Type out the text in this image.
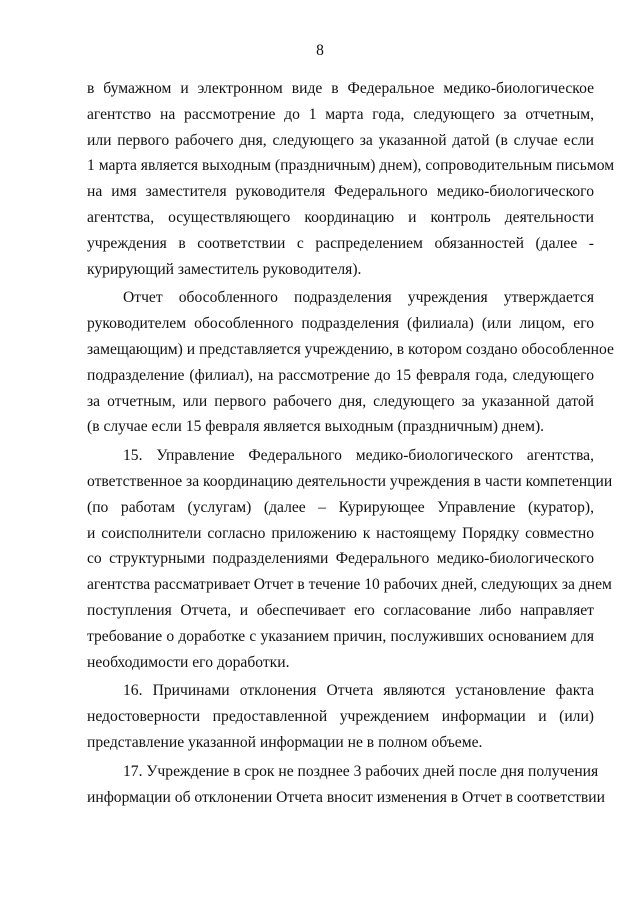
8
в бумажном и электронном виде в Федеральное медико-биологическое
агентство на рассмотрение до 1 марта года, следующего за отчетным,
или первого рабочего дня, следующего за указанной датой (в случае если
1 марта является выходным (праздничным) днем), сопроводительным письмом
на имя заместителя руководителя Федерального медико-биологического
агентства, осуществляющего координацию и контроль деятельности
учреждения в соответствии с распределением обязанностей (далее -
курирующий заместитель руководителя).
Отчет обособленного подразделения учреждения утверждается
руководителем обособленного подразделения (филиала) (или лицом, его
замещающим) и представляется учреждению, в котором создано обособленное
подразделение (филиал), на рассмотрение до 15 февраля года, следующего
за отчетным, или первого рабочего дня, следующего за указанной датой
(в случае если 15 февраля является выходным (праздничным) днем).
15. Управление Федерального медико-биологического агентства,
ответственное за координацию деятельности учреждения в части компетенции
(по работам (услугам) (далее – Курирующее Управление (куратор),
и соисполнители согласно приложению к настоящему Порядку совместно
со структурными подразделениями Федерального медико-биологического
агентства рассматривает Отчет в течение 10 рабочих дней, следующих за днем
поступления Отчета, и обеспечивает его согласование либо направляет
требование о доработке с указанием причин, послуживших основанием для
необходимости его доработки.
16. Причинами отклонения Отчета являются установление факта
недостоверности предоставленной учреждением информации и (или)
представление указанной информации не в полном объеме.
17. Учреждение в срок не позднее 3 рабочих дней после дня получения
информации об отклонении Отчета вносит изменения в Отчет в соответствии
